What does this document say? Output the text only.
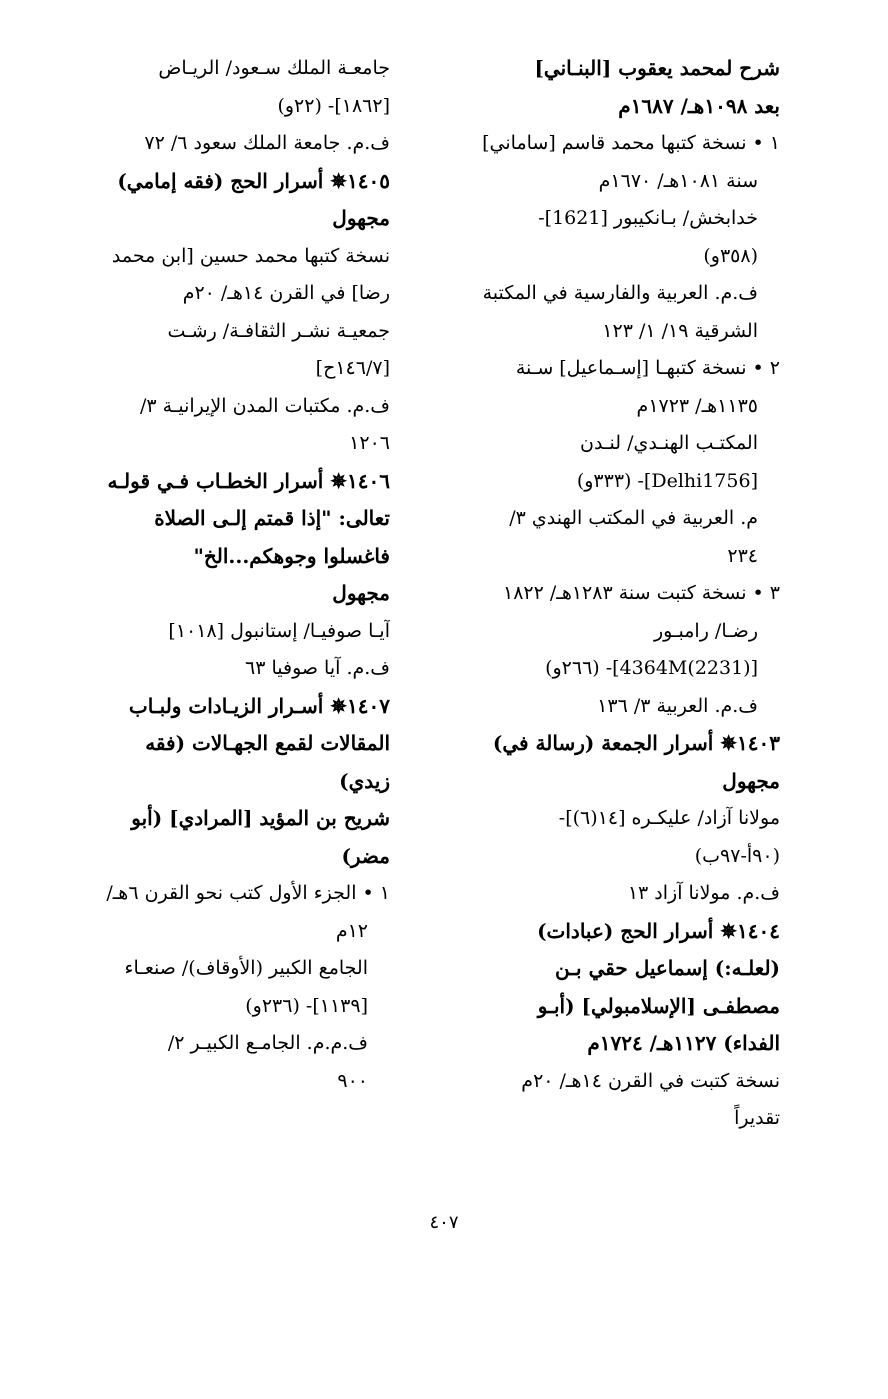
شرح لمحمد يعقوب [البنـاني]
بعد ١٠٩٨هـ/ ١٦٨٧م
١ • نسخة كتبها محمد قاسم [ساماني]
سنة ١٠٨١هـ/ ١٦٧٠م
خدابخش/ بـانكيبور [1621]-
(٣٥٨و)
ف.م. العربية والفارسية في المكتبة
الشرقية ١٩/ ١/ ١٢٣
٢ • نسخة كتبهـا [إسـماعيل] سـنة
١١٣٥هـ/ ١٧٢٣م
المكتـب الهنـدي/ لنـدن
[Delhi1756]- (٣٣٣و)
م. العربية في المكتب الهندي ٣/
٢٣٤
٣ • نسخة كتبت سنة ١٢٨٣هـ/ ١٨٢٢
رضـا/ رامبـور
[(2231)4364M]- (٢٦٦و)
ف.م. العربية ٣/ ١٣٦
١٤٠٣✵ أسرار الجمعة (رسالة في)
مجهول
مولانا آزاد/ عليكـره [١٤(٦)]-
(٩٠أ-٩٧ب)
ف.م. مولانا آزاد ١٣
١٤٠٤✵ أسرار الحج (عبادات)
(لعلـه:) إسماعيل حقي بـن
مصطفـى [الإسلامبولي] (أبـو
الفداء) ١١٢٧هـ/ ١٧٢٤م
نسخة كتبت في القرن ١٤هـ/ ٢٠م
تقديراً
جامعـة الملك سـعود/ الريـاض
[١٨٦٢]- (٢٢و)
ف.م. جامعة الملك سعود ٦/ ٧٢
١٤٠٥✵ أسرار الحج (فقه إمامي)
مجهول
نسخة كتبها محمد حسين [ابن محمد
رضا] في القرن ١٤هـ/ ٢٠م
جمعيـة نشـر الثقافـة/ رشـت
[١٤٦/٧ح]
ف.م. مكتبات المدن الإيرانيـة ٣/
١٢٠٦
١٤٠٦✵ أسرار الخطـاب فـي قولـه
تعالى: "إذا قمتم إلـى الصلاة
فاغسلوا وجوهكم...الخ"
مجهول
آيـا صوفيـا/ إستانبول [١٠١٨]
ف.م. آيا صوفيا ٦٣
١٤٠٧✵ أسـرار الزيـادات ولبـاب
المقالات لقمع الجهـالات (فقه
زيدي)
شريح بن المؤيد [المرادي] (أبو
مضر)
١ • الجزء الأول كتب نحو القرن ٦هـ/
١٢م
الجامع الكبير (الأوقاف)/ صنعـاء
[١١٣٩]- (٢٣٦و)
ف.م.م. الجامـع الكبيـر ٢/
٩٠٠
٤٠٧
